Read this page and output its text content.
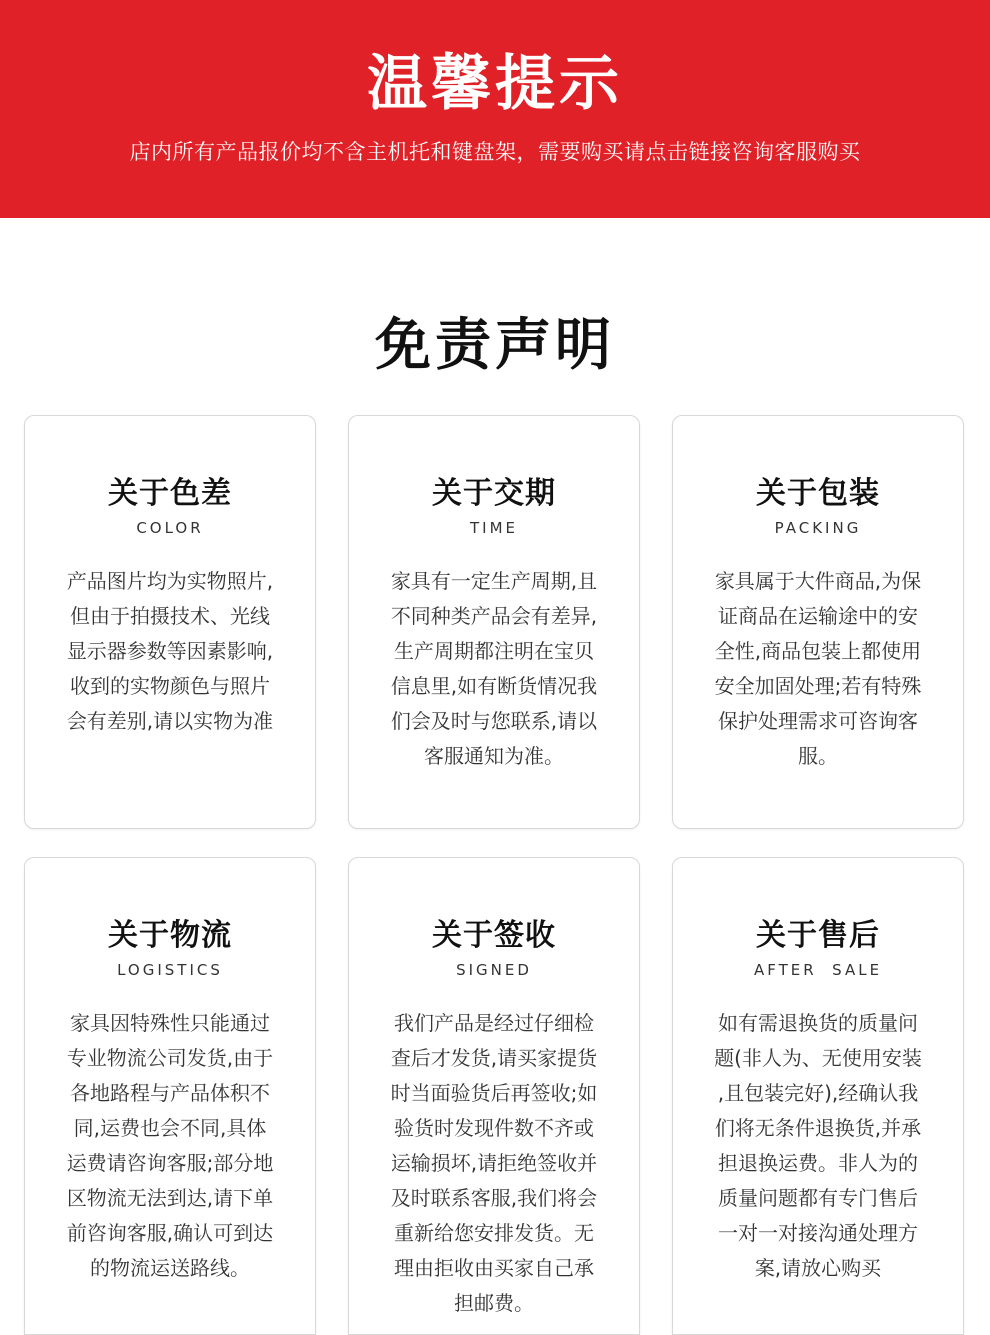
温馨提示
店内所有产品报价均不含主机托和键盘架，需要购买请点击链接咨询客服购买
免责声明
关于色差
COLOR
产品图片均为实物照片,
但由于拍摄技术、光线
显示器参数等因素影响,
收到的实物颜色与照片
会有差别,请以实物为准
关于交期
TIME
家具有一定生产周期,且
不同种类产品会有差异,
生产周期都注明在宝贝
信息里,如有断货情况我
们会及时与您联系,请以
客服通知为准。
关于包装
PACKING
家具属于大件商品,为保
证商品在运输途中的安
全性,商品包装上都使用
安全加固处理;若有特殊
保护处理需求可咨询客
服。
关于物流
LOGISTICS
家具因特殊性只能通过
专业物流公司发货,由于
各地路程与产品体积不
同,运费也会不同,具体
运费请咨询客服;部分地
区物流无法到达,请下单
前咨询客服,确认可到达
的物流运送路线。
关于签收
SIGNED
我们产品是经过仔细检
查后才发货,请买家提货
时当面验货后再签收;如
验货时发现件数不齐或
运输损坏,请拒绝签收并
及时联系客服,我们将会
重新给您安排发货。无
理由拒收由买家自己承
担邮费。
关于售后
AFTER  SALE
如有需退换货的质量问
题(非人为、无使用安装
,且包装完好),经确认我
们将无条件退换货,并承
担退换运费。非人为的
质量问题都有专门售后
一对一对接沟通处理方
案,请放心购买
